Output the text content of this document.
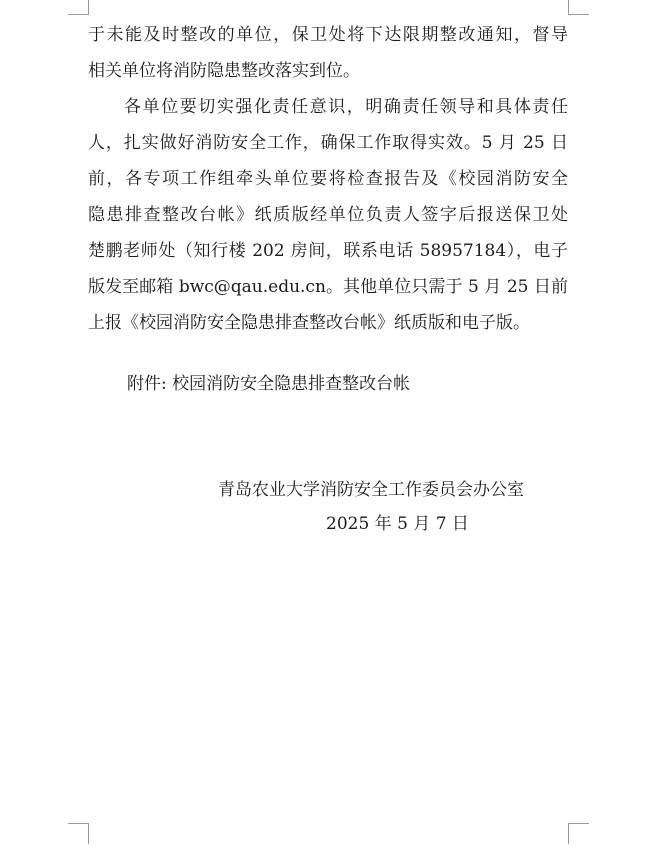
于未能及时整改的单位，保卫处将下达限期整改通知，督导
相关单位将消防隐患整改落实到位。
各单位要切实强化责任意识，明确责任领导和具体责任
人，扎实做好消防安全工作，确保工作取得实效。5 月 25 日
前，各专项工作组牵头单位要将检查报告及《校园消防安全
隐患排查整改台帐》纸质版经单位负责人签字后报送保卫处
楚鹏老师处（知行楼 202 房间，联系电话 58957184），电子
版发至邮箱 bwc@qau.edu.cn。其他单位只需于 5 月 25 日前
上报《校园消防安全隐患排查整改台帐》纸质版和电子版。
附件: 校园消防安全隐患排查整改台帐
青岛农业大学消防安全工作委员会办公室
2025 年 5 月 7 日
